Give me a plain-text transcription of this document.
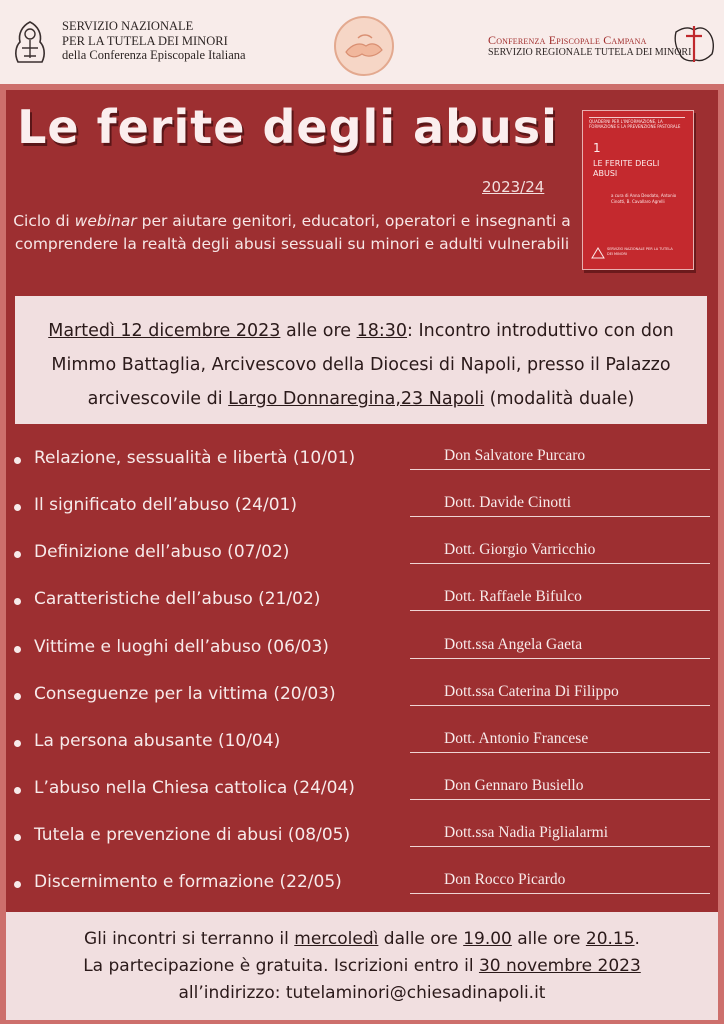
SERVIZIO NAZIONALE
PER LA TUTELA DEI MINORI
della Conferenza Episcopale Italiana
Conferenza Episcopale Campana
SERVIZIO REGIONALE TUTELA DEI MINORI
Le ferite degli abusi
2023/24
Ciclo di webinar per aiutare genitori, educatori, operatori e insegnanti a comprendere la realtà degli abusi sessuali su minori e adulti vulnerabili
QUADERNI PER L'INFORMAZIONE, LA FORMAZIONE E LA PREVENZIONE PASTORALE
1
LE FERITE DEGLI ABUSI
a cura di Anna Deodato, Antonio Cinotti, B. Cavallaro Agrelli
SERVIZIO NAZIONALE PER LA TUTELA DEI MINORI

Martedì 12 dicembre 2023 alle ore 18:30: Incontro introduttivo con don Mimmo Battaglia, Arcivescovo della Diocesi di Napoli, presso il Palazzo arcivescovile di Largo Donnaregina,23 Napoli (modalità duale)

Relazione, sessualità e libertà (10/01)	Don Salvatore Purcaro
Il significato dell’abuso (24/01)	Dott. Davide Cinotti
Definizione dell’abuso (07/02)	Dott. Giorgio Varricchio
Caratteristiche dell’abuso (21/02)	Dott. Raffaele Bifulco
Vittime e luoghi dell’abuso (06/03)	Dott.ssa Angela Gaeta
Conseguenze per la vittima (20/03)	Dott.ssa Caterina Di Filippo
La persona abusante (10/04)	Dott. Antonio Francese
L’abuso nella Chiesa cattolica (24/04)	Don Gennaro Busiello
Tutela e prevenzione di abusi (08/05)	Dott.ssa Nadia Piglialarmi
Discernimento e formazione (22/05)	Don Rocco Picardo

Gli incontri si terranno il mercoledì dalle ore 19.00 alle ore 20.15.
La partecipazione è gratuita. Iscrizioni entro il 30 novembre 2023
all’indirizzo: tutelaminori@chiesadinapoli.it
